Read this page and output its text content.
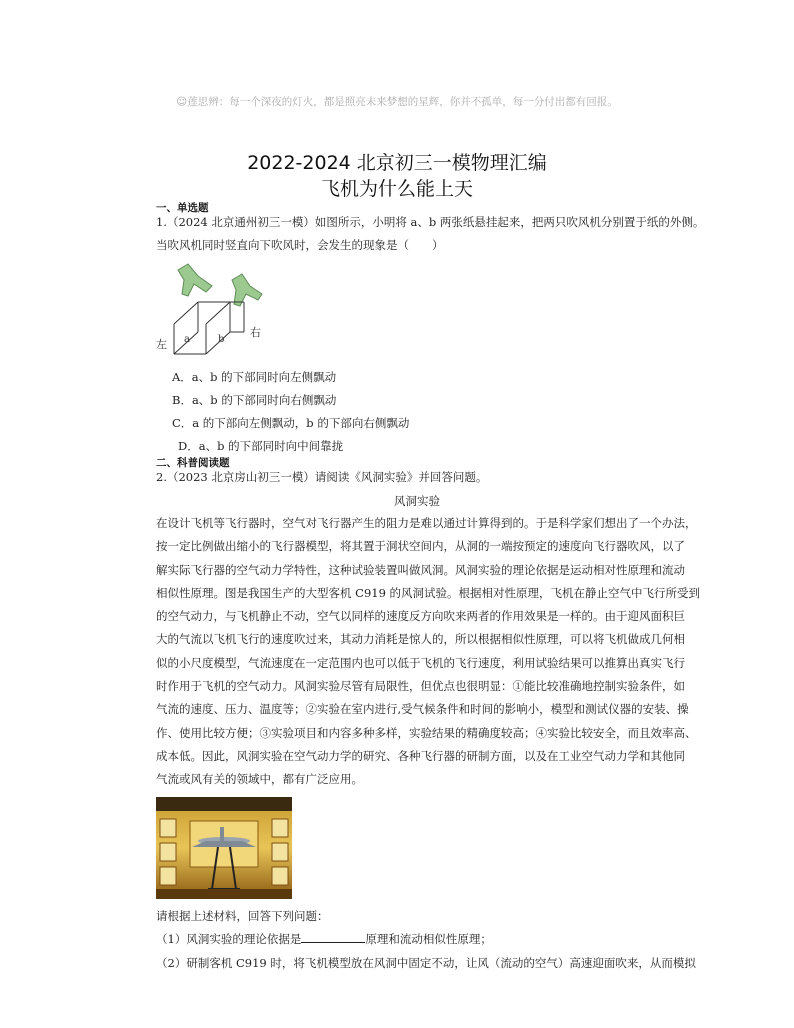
☺莲思辨：每一个深夜的灯火，都是照亮未来梦想的星辉，你并不孤单，每一分付出都有回报。
2022-2024 北京初三一模物理汇编
飞机为什么能上天
一、单选题
1.（2024 北京通州初三一模）如图所示，小明将 a、b 两张纸悬挂起来，把两只吹风机分别置于纸的外侧。
当吹风机同时竖直向下吹风时，会发生的现象是（　　）
左
右
a	b
A．a、b 的下部同时向左侧飘动
B．a、b 的下部同时向右侧飘动
C．a 的下部向左侧飘动，b 的下部向右侧飘动
D．a、b 的下部同时向中间靠拢
二、科普阅读题
2.（2023 北京房山初三一模）请阅读《风洞实验》并回答问题。
风洞实验
在设计飞机等飞行器时，空气对飞行器产生的阻力是难以通过计算得到的。于是科学家们想出了一个办法，
按一定比例做出缩小的飞行器模型，将其置于洞状空间内，从洞的一端按预定的速度向飞行器吹风，以了
解实际飞行器的空气动力学特性，这种试验装置叫做风洞。风洞实验的理论依据是运动相对性原理和流动
相似性原理。图是我国生产的大型客机 C919 的风洞试验。根据相对性原理，飞机在静止空气中飞行所受到
的空气动力，与飞机静止不动，空气以同样的速度反方向吹来两者的作用效果是一样的。由于迎风面积巨
大的气流以飞机飞行的速度吹过来，其动力消耗是惊人的，所以根据相似性原理，可以将飞机做成几何相
似的小尺度模型，气流速度在一定范围内也可以低于飞机的飞行速度，利用试验结果可以推算出真实飞行
时作用于飞机的空气动力。风洞实验尽管有局限性，但优点也很明显：①能比较准确地控制实验条件，如
气流的速度、压力、温度等；②实验在室内进行,受气候条件和时间的影响小，模型和测试仪器的安装、操
作、使用比较方便；③实验项目和内容多种多样，实验结果的精确度较高；④实验比较安全，而且效率高、
成本低。因此，风洞实验在空气动力学的研究、各种飞行器的研制方面，以及在工业空气动力学和其他同
气流或风有关的领域中，都有广泛应用。
请根据上述材料，回答下列问题：
（1）风洞实验的理论依据是	原理和流动相似性原理；
（2）研制客机 C919 时，将飞机模型放在风洞中固定不动，让风（流动的空气）高速迎面吹来，从而模拟
